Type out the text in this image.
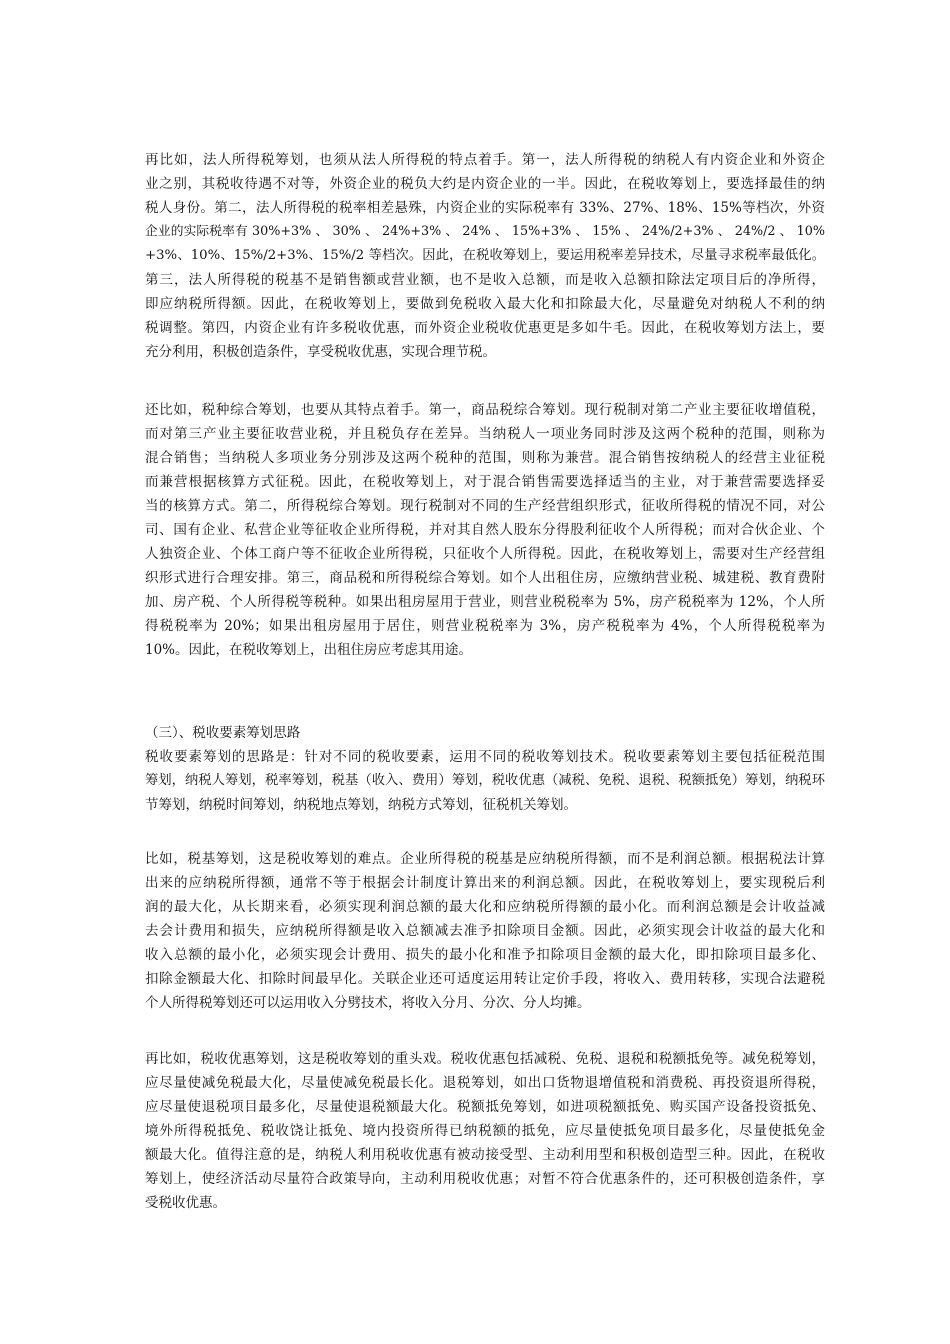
再比如，法人所得税筹划，也须从法人所得税的特点着手。第一，法人所得税的纳税人有内资企业和外资企
业之别，其税收待遇不对等，外资企业的税负大约是内资企业的一半。因此，在税收筹划上，要选择最佳的纳
税人身份。第二，法人所得税的税率相差悬殊，内资企业的实际税率有 33%、27%、18%、15%等档次，外资
企业的实际税率有 30%+3% 、 30% 、 24%+3% 、 24% 、 15%+3% 、 15% 、 24%/2+3% 、 24%/2 、 10%
+3%、10%、15%/2+3%、15%/2 等档次。因此，在税收筹划上，要运用税率差异技术，尽量寻求税率最低化。
第三，法人所得税的税基不是销售额或营业额，也不是收入总额，而是收入总额扣除法定项目后的净所得，
即应纳税所得额。因此，在税收筹划上，要做到免税收入最大化和扣除最大化，尽量避免对纳税人不利的纳
税调整。第四，内资企业有许多税收优惠，而外资企业税收优惠更是多如牛毛。因此，在税收筹划方法上，要
充分利用，积极创造条件，享受税收优惠，实现合理节税。
还比如，税种综合筹划，也要从其特点着手。第一，商品税综合筹划。现行税制对第二产业主要征收增值税，
而对第三产业主要征收营业税，并且税负存在差异。当纳税人一项业务同时涉及这两个税种的范围，则称为
混合销售；当纳税人多项业务分别涉及这两个税种的范围，则称为兼营。混合销售按纳税人的经营主业征税
而兼营根据核算方式征税。因此，在税收筹划上，对于混合销售需要选择适当的主业，对于兼营需要选择妥
当的核算方式。第二，所得税综合筹划。现行税制对不同的生产经营组织形式，征收所得税的情况不同，对公
司、国有企业、私营企业等征收企业所得税，并对其自然人股东分得股利征收个人所得税；而对合伙企业、个
人独资企业、个体工商户等不征收企业所得税，只征收个人所得税。因此，在税收筹划上，需要对生产经营组
织形式进行合理安排。第三，商品税和所得税综合筹划。如个人出租住房，应缴纳营业税、城建税、教育费附
加、房产税、个人所得税等税种。如果出租房屋用于营业，则营业税税率为 5%，房产税税率为 12%，个人所
得税税率为 20%；如果出租房屋用于居住，则营业税税率为 3%，房产税税率为 4%，个人所得税税率为
10%。因此，在税收筹划上，出租住房应考虑其用途。
（三）、税收要素筹划思路
税收要素筹划的思路是：针对不同的税收要素，运用不同的税收筹划技术。税收要素筹划主要包括征税范围
筹划，纳税人筹划，税率筹划，税基（收入、费用）筹划，税收优惠（减税、免税、退税、税额抵免）筹划，纳税环
节筹划，纳税时间筹划，纳税地点筹划，纳税方式筹划，征税机关筹划。
比如，税基筹划，这是税收筹划的难点。企业所得税的税基是应纳税所得额，而不是利润总额。根据税法计算
出来的应纳税所得额，通常不等于根据会计制度计算出来的利润总额。因此，在税收筹划上，要实现税后利
润的最大化，从长期来看，必须实现利润总额的最大化和应纳税所得额的最小化。而利润总额是会计收益减
去会计费用和损失，应纳税所得额是收入总额减去准予扣除项目金额。因此，必须实现会计收益的最大化和
收入总额的最小化，必须实现会计费用、损失的最小化和准予扣除项目金额的最大化，即扣除项目最多化、
扣除金额最大化、扣除时间最早化。关联企业还可适度运用转让定价手段，将收入、费用转移，实现合法避税
个人所得税筹划还可以运用收入分劈技术，将收入分月、分次、分人均摊。
再比如，税收优惠筹划，这是税收筹划的重头戏。税收优惠包括减税、免税、退税和税额抵免等。减免税筹划，
应尽量使减免税最大化，尽量使减免税最长化。退税筹划，如出口货物退增值税和消费税、再投资退所得税，
应尽量使退税项目最多化，尽量使退税额最大化。税额抵免筹划，如进项税额抵免、购买国产设备投资抵免、
境外所得税抵免、税收饶让抵免、境内投资所得已纳税额的抵免，应尽量使抵免项目最多化，尽量使抵免金
额最大化。值得注意的是，纳税人利用税收优惠有被动接受型、主动利用型和积极创造型三种。因此，在税收
筹划上，使经济活动尽量符合政策导向，主动利用税收优惠；对暂不符合优惠条件的，还可积极创造条件，享
受税收优惠。
